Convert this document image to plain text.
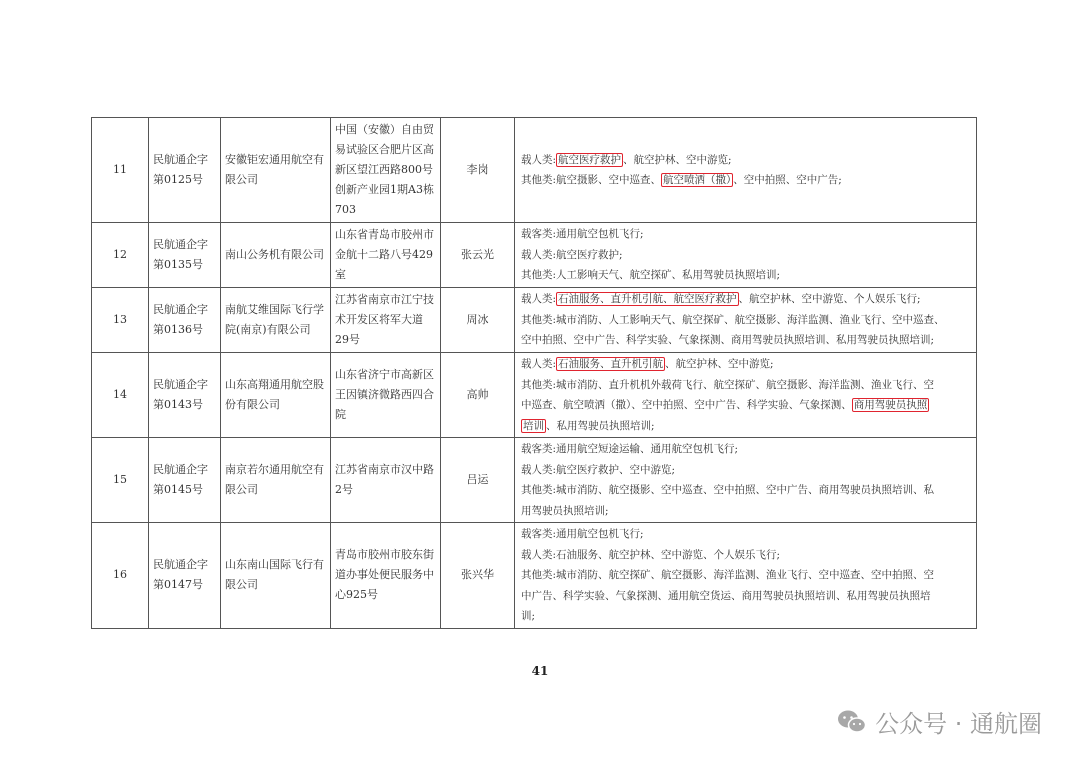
11	民航通企字第0125号	安徽钜宏通用航空有限公司	中国（安徽）自由贸易试验区合肥片区高新区望江西路800号创新产业园1期A3栋703	李岗	载人类: 航空医疗救护 、航空护林、空中游览;
其他类:航空摄影、空中巡查、 航空喷洒（撒） 、空中拍照、空中广告;

12	民航通企字第0135号	南山公务机有限公司	山东省青岛市胶州市金航十二路八号429室	张云光	载客类:通用航空包机飞行;
载人类:航空医疗救护;
其他类:人工影响天气、航空探矿、私用驾驶员执照培训;

13	民航通企字第0136号	南航艾维国际飞行学院(南京)有限公司	江苏省南京市江宁技术开发区将军大道29号	周冰	载人类: 石油服务、直升机引航、航空医疗救护 、航空护林、空中游览、个人娱乐飞行;
其他类:城市消防、人工影响天气、航空探矿、航空摄影、海洋监测、渔业飞行、空中巡查、
空中拍照、空中广告、科学实验、气象探测、商用驾驶员执照培训、私用驾驶员执照培训;

14	民航通企字第0143号	山东高翔通用航空股份有限公司	山东省济宁市高新区王因镇济微路西四合院	高帅	载人类: 石油服务、直升机引航 、航空护林、空中游览;
其他类:城市消防、直升机机外载荷飞行、航空探矿、航空摄影、海洋监测、渔业飞行、空
中巡查、航空喷洒（撒）、空中拍照、空中广告、科学实验、气象探测、 商用驾驶员执照
培训 、私用驾驶员执照培训;

15	民航通企字第0145号	南京若尔通用航空有限公司	江苏省南京市汉中路2号	吕运	载客类:通用航空短途运输、通用航空包机飞行;
载人类:航空医疗救护、空中游览;
其他类:城市消防、航空摄影、空中巡查、空中拍照、空中广告、商用驾驶员执照培训、私
用驾驶员执照培训;

16	民航通企字第0147号	山东南山国际飞行有限公司	青岛市胶州市胶东街道办事处便民服务中心925号	张兴华	载客类:通用航空包机飞行;
载人类:石油服务、航空护林、空中游览、个人娱乐飞行;
其他类:城市消防、航空探矿、航空摄影、海洋监测、渔业飞行、空中巡查、空中拍照、空
中广告、科学实验、气象探测、通用航空货运、商用驾驶员执照培训、私用驾驶员执照培
训;
41
公众号 · 通航圈
